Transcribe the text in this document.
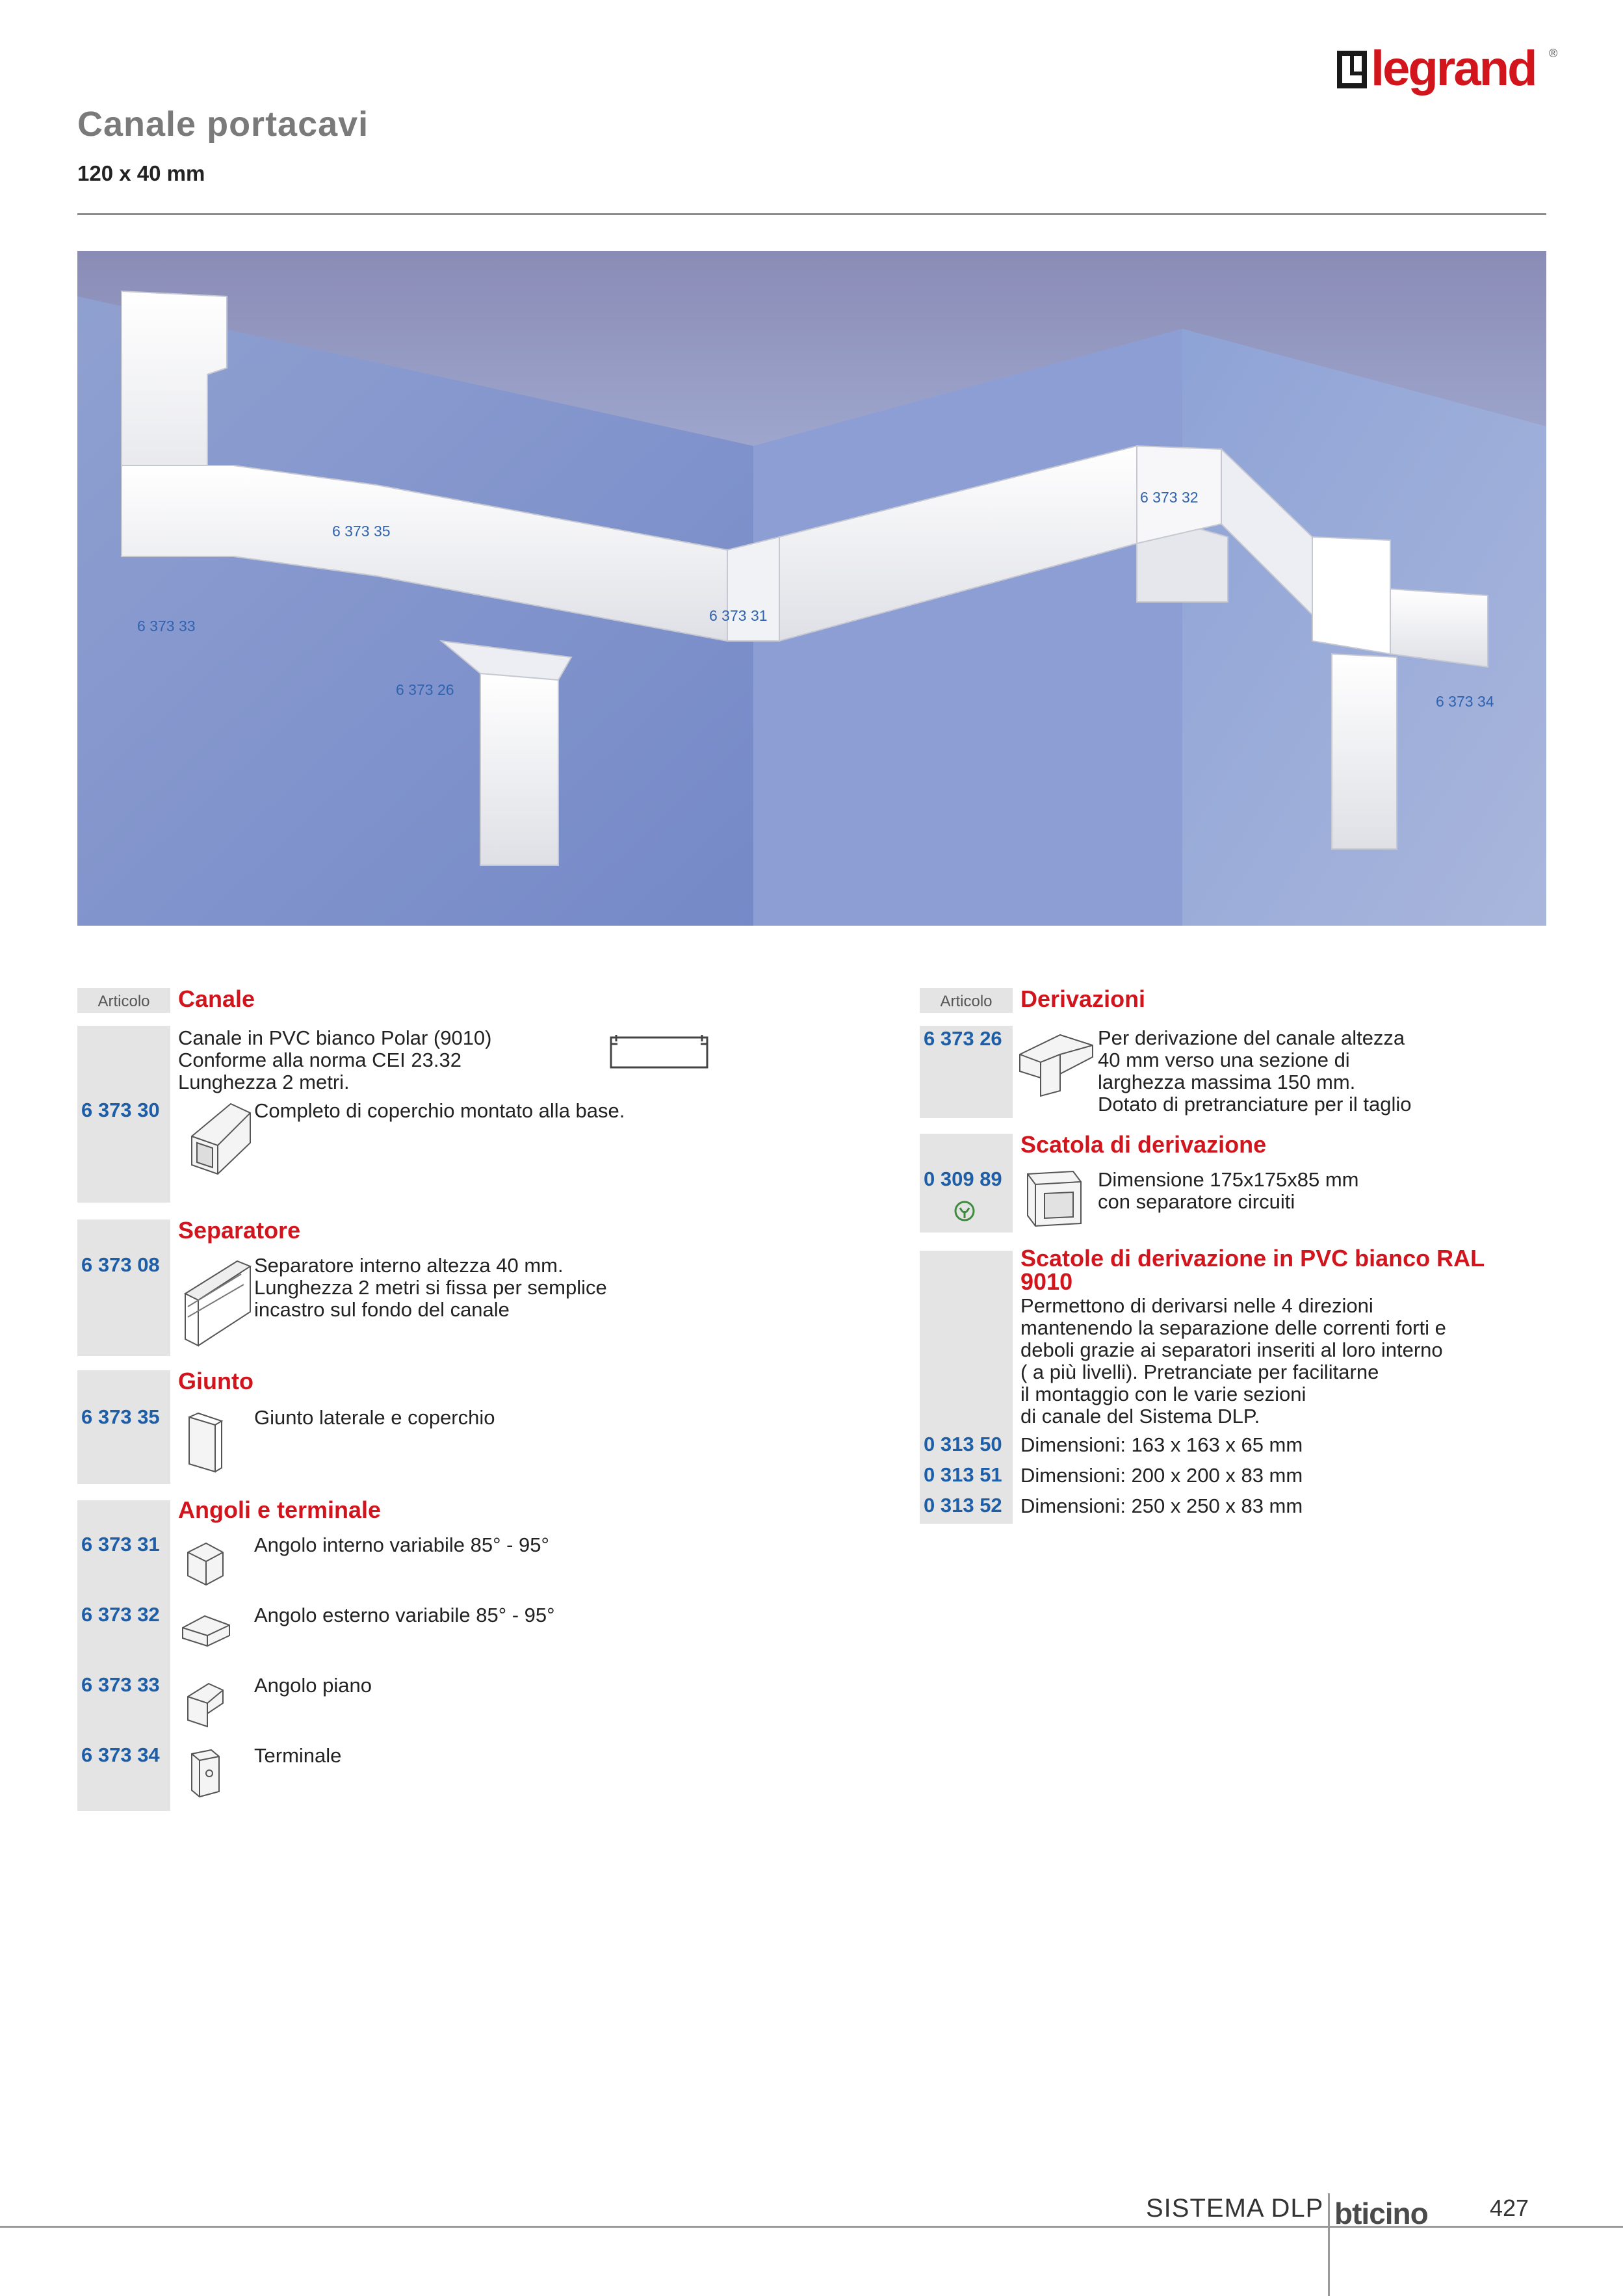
legrand ®
Canale portacavi
120 x 40 mm
6 373 35
6 373 33
6 373 26
6 373 31
6 373 32
6 373 34
Articolo	Canale
Canale in PVC bianco Polar (9010)
Conforme alla norma CEI 23.32
Lunghezza 2 metri.
6 373 30	Completo di coperchio montato alla base.
Separatore
6 373 08	Separatore interno altezza 40 mm.
Lunghezza 2 metri si fissa per semplice
incastro sul fondo del canale
Giunto
6 373 35	Giunto laterale e coperchio
Angoli e terminale
6 373 31	Angolo interno variabile 85° - 95°
6 373 32	Angolo esterno variabile 85° - 95°
6 373 33	Angolo piano
6 373 34	Terminale
Articolo	Derivazioni
6 373 26	Per derivazione del canale altezza
40 mm verso una sezione di
larghezza massima 150 mm.
Dotato di pretranciature per il taglio
Scatola di derivazione
0 309 89	Dimensione 175x175x85 mm
con separatore circuiti
Scatole di derivazione in PVC bianco RAL
9010
Permettono di derivarsi nelle 4 direzioni
mantenendo la separazione delle correnti forti e
deboli grazie ai separatori inseriti al loro interno
( a più livelli). Pretranciate per facilitarne
il montaggio con le varie sezioni
di canale del Sistema DLP.
0 313 50 Dimensioni: 163 x 163 x 65 mm
0 313 51 Dimensioni: 200 x 200 x 83 mm
0 313 52 Dimensioni: 250 x 250 x 83 mm
SISTEMA DLP bticino	427
